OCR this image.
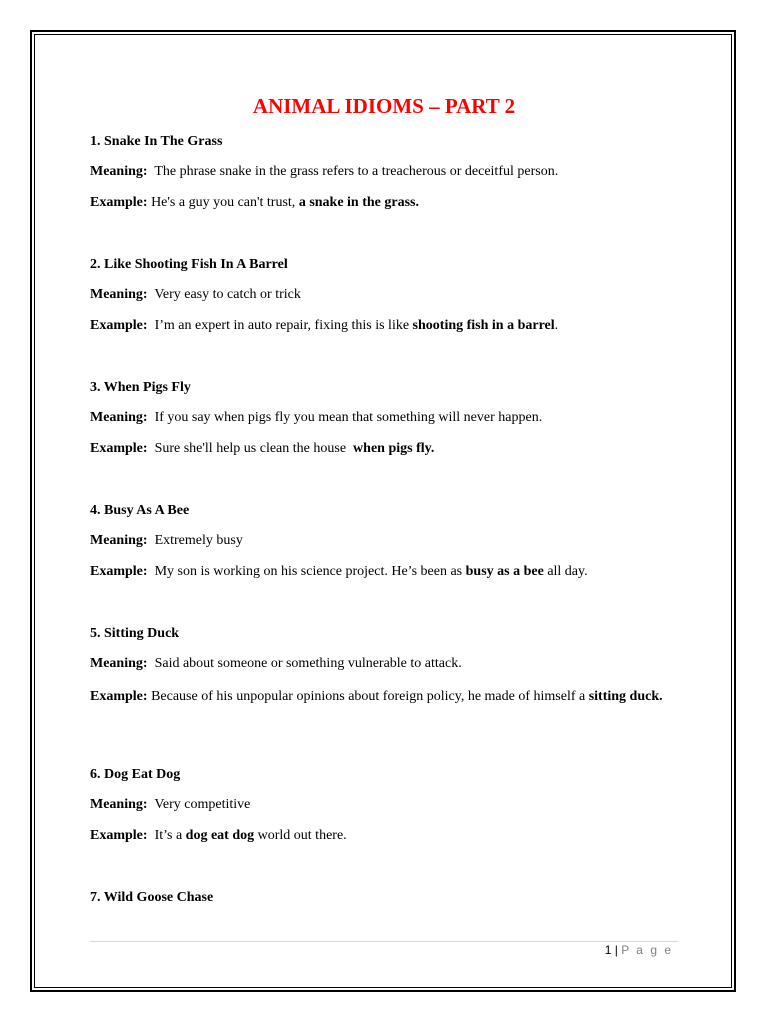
ANIMAL IDIOMS – PART 2
1. Snake In The Grass
Meaning: The phrase snake in the grass refers to a treacherous or deceitful person.
Example: He's a guy you can't trust, a snake in the grass.
2. Like Shooting Fish In A Barrel
Meaning: Very easy to catch or trick
Example: I’m an expert in auto repair, fixing this is like shooting fish in a barrel.
3. When Pigs Fly
Meaning: If you say when pigs fly you mean that something will never happen.
Example: Sure she'll help us clean the house when pigs fly.
4. Busy As A Bee
Meaning: Extremely busy
Example: My son is working on his science project. He’s been as busy as a bee all day.
5. Sitting Duck
Meaning: Said about someone or something vulnerable to attack.
Example: Because of his unpopular opinions about foreign policy, he made of himself a sitting duck.
6. Dog Eat Dog
Meaning: Very competitive
Example: It’s a dog eat dog world out there.
7. Wild Goose Chase
1 | P a g e
